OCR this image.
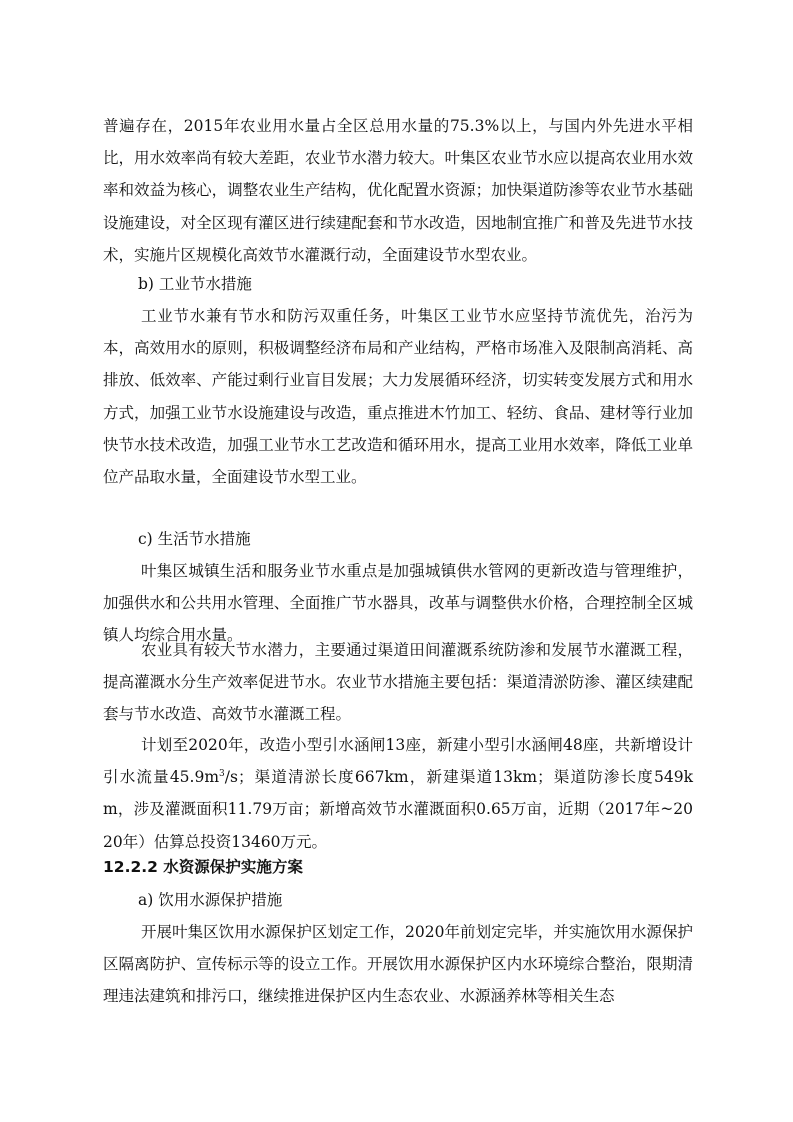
普遍存在，2015年农业用水量占全区总用水量的75.3%以上，与国内外先进水平相比，用水效率尚有较大差距，农业节水潜力较大。叶集区农业节水应以提高农业用水效率和效益为核心，调整农业生产结构，优化配置水资源；加快渠道防渗等农业节水基础设施建设，对全区现有灌区进行续建配套和节水改造，因地制宜推广和普及先进节水技术，实施片区规模化高效节水灌溉行动，全面建设节水型农业。

b) 工业节水措施

工业节水兼有节水和防污双重任务，叶集区工业节水应坚持节流优先，治污为本，高效用水的原则，积极调整经济布局和产业结构，严格市场准入及限制高消耗、高排放、低效率、产能过剩行业盲目发展；大力发展循环经济，切实转变发展方式和用水方式，加强工业节水设施建设与改造，重点推进木竹加工、轻纺、食品、建材等行业加快节水技术改造，加强工业节水工艺改造和循环用水，提高工业用水效率，降低工业单位产品取水量，全面建设节水型工业。

c) 生活节水措施

叶集区城镇生活和服务业节水重点是加强城镇供水管网的更新改造与管理维护，加强供水和公共用水管理、全面推广节水器具，改革与调整供水价格，合理控制全区城镇人均综合用水量。

农业具有较大节水潜力，主要通过渠道田间灌溉系统防渗和发展节水灌溉工程，提高灌溉水分生产效率促进节水。农业节水措施主要包括：渠道清淤防渗、灌区续建配套与节水改造、高效节水灌溉工程。

计划至2020年，改造小型引水涵闸13座，新建小型引水涵闸48座，共新增设计引水流量$45.9m^3/s$；渠道清淤长度667km，新建渠道13km；渠道防渗长度549km，涉及灌溉面积11.79万亩；新增高效节水灌溉面积0.65万亩，近期（2017年~2020年）估算总投资13460万元。

12.2.2 水资源保护实施方案
a) 饮用水源保护措施

开展叶集区饮用水源保护区划定工作，2020年前划定完毕，并实施饮用水源保护区隔离防护、宣传标示等的设立工作。开展饮用水源保护区内水环境综合整治，限期清理违法建筑和排污口，继续推进保护区内生态农业、水源涵养林等相关生态
